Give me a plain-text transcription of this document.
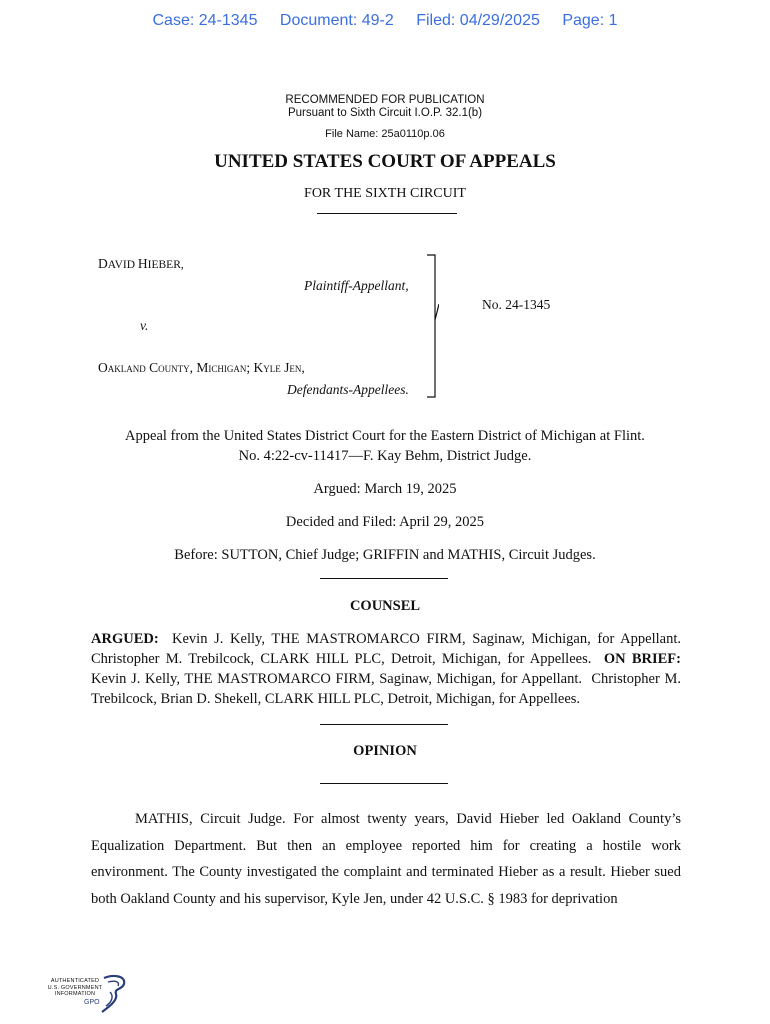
Case: 24-1345 Document: 49-2 Filed: 04/29/2025 Page: 1
RECOMMENDED FOR PUBLICATION
Pursuant to Sixth Circuit I.O.P. 32.1(b)
File Name: 25a0110p.06
UNITED STATES COURT OF APPEALS
FOR THE SIXTH CIRCUIT
DAVID HIEBER,
Plaintiff-Appellant,
v.
Oakland County, Michigan; Kyle Jen,
Defendants-Appellees.
No. 24-1345
Appeal from the United States District Court for the Eastern District of Michigan at Flint.
No. 4:22-cv-11417—F. Kay Behm, District Judge.
Argued: March 19, 2025
Decided and Filed: April 29, 2025
Before: SUTTON, Chief Judge; GRIFFIN and MATHIS, Circuit Judges.
COUNSEL
ARGUED:  Kevin J. Kelly, THE MASTROMARCO FIRM, Saginaw, Michigan, for Appellant. Christopher M. Trebilcock, CLARK HILL PLC, Detroit, Michigan, for Appellees.  ON BRIEF: Kevin J. Kelly, THE MASTROMARCO FIRM, Saginaw, Michigan, for Appellant.  Christopher M. Trebilcock, Brian D. Shekell, CLARK HILL PLC, Detroit, Michigan, for Appellees.
OPINION
MATHIS, Circuit Judge. For almost twenty years, David Hieber led Oakland County’s Equalization Department. But then an employee reported him for creating a hostile work environment. The County investigated the complaint and terminated Hieber as a result. Hieber sued both Oakland County and his supervisor, Kyle Jen, under 42 U.S.C. § 1983 for deprivation
AUTHENTICATED
U.S. GOVERNMENT
INFORMATION
GPO
